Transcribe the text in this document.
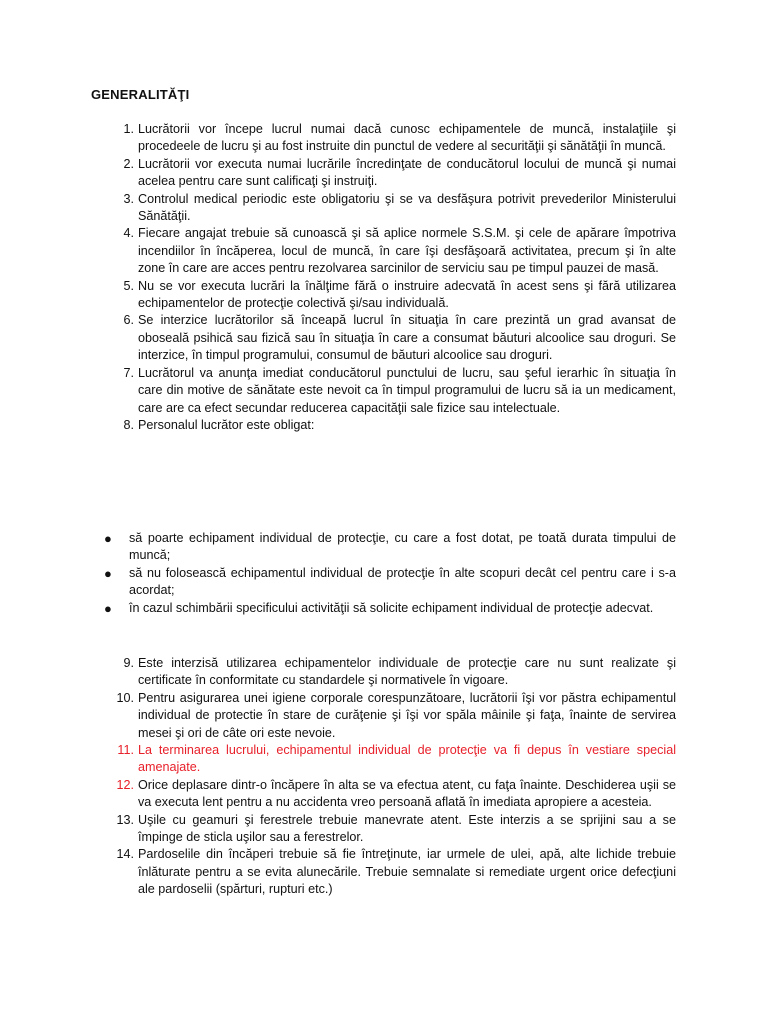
GENERALITĂŢI
1. Lucrătorii vor începe lucrul numai dacă cunosc echipamentele de muncă, instalaţiile şi procedeele de lucru şi au fost instruite din punctul de vedere al securităţii şi sănătăţii în muncă.
2. Lucrătorii vor executa numai lucrările încredinţate de conducătorul locului de muncă şi numai acelea pentru care sunt calificaţi şi instruiţi.
3. Controlul medical periodic este obligatoriu şi se va desfăşura potrivit prevederilor Ministerului Sănătăţii.
4. Fiecare angajat trebuie să cunoască şi să aplice normele S.S.M. şi cele de apărare împotriva incendiilor în încăperea, locul de muncă, în care îşi desfăşoară activitatea, precum şi în alte zone în care are acces pentru rezolvarea sarcinilor de serviciu sau pe timpul pauzei de masă.
5. Nu se vor executa lucrări la înălţime fără o instruire adecvată în acest sens şi fără utilizarea echipamentelor de protecţie colectivă şi/sau individuală.
6. Se interzice lucrătorilor să înceapă lucrul în situaţia în care prezintă un grad avansat de oboseală psihică sau fizică sau în situaţia în care a consumat băuturi alcoolice sau droguri. Se interzice, în timpul programului, consumul de băuturi alcoolice sau droguri.
7. Lucrătorul va anunţa imediat conducătorul punctului de lucru, sau şeful ierarhic în situaţia în care din motive de sănătate este nevoit ca în timpul programului de lucru să ia un medicament, care are ca efect secundar reducerea capacităţii sale fizice sau intelectuale.
8. Personalul lucrător este obligat:
● să poarte echipament individual de protecţie, cu care a fost dotat, pe toată durata timpului de muncă;
● să nu folosească echipamentul individual de protecţie în alte scopuri decât cel pentru care i s-a acordat;
● în cazul schimbării specificului activităţii să solicite echipament individual de protecţie adecvat.
9. Este interzisă utilizarea echipamentelor individuale de protecţie care nu sunt realizate şi certificate în conformitate cu standardele şi normativele în vigoare.
10. Pentru asigurarea unei igiene corporale corespunzătoare, lucrătorii îşi vor păstra echipamentul individual de protectie în stare de curăţenie şi îşi vor spăla mâinile şi faţa, înainte de servirea mesei şi ori de câte ori este nevoie.
11. La terminarea lucrului, echipamentul individual de protecţie va fi depus în vestiare special amenajate.
12. Orice deplasare dintr-o încăpere în alta se va efectua atent, cu faţa înainte. Deschiderea uşii se va executa lent pentru a nu accidenta vreo persoană aflată în imediata apropiere a acesteia.
13. Uşile cu geamuri şi ferestrele trebuie manevrate atent. Este interzis a se sprijini sau a se împinge de sticla uşilor sau a ferestrelor.
14. Pardoselile din încăperi trebuie să fie întreţinute, iar urmele de ulei, apă, alte lichide trebuie înlăturate pentru a se evita alunecările. Trebuie semnalate si remediate urgent orice defecţiuni ale pardoselii (spărturi, rupturi etc.)
